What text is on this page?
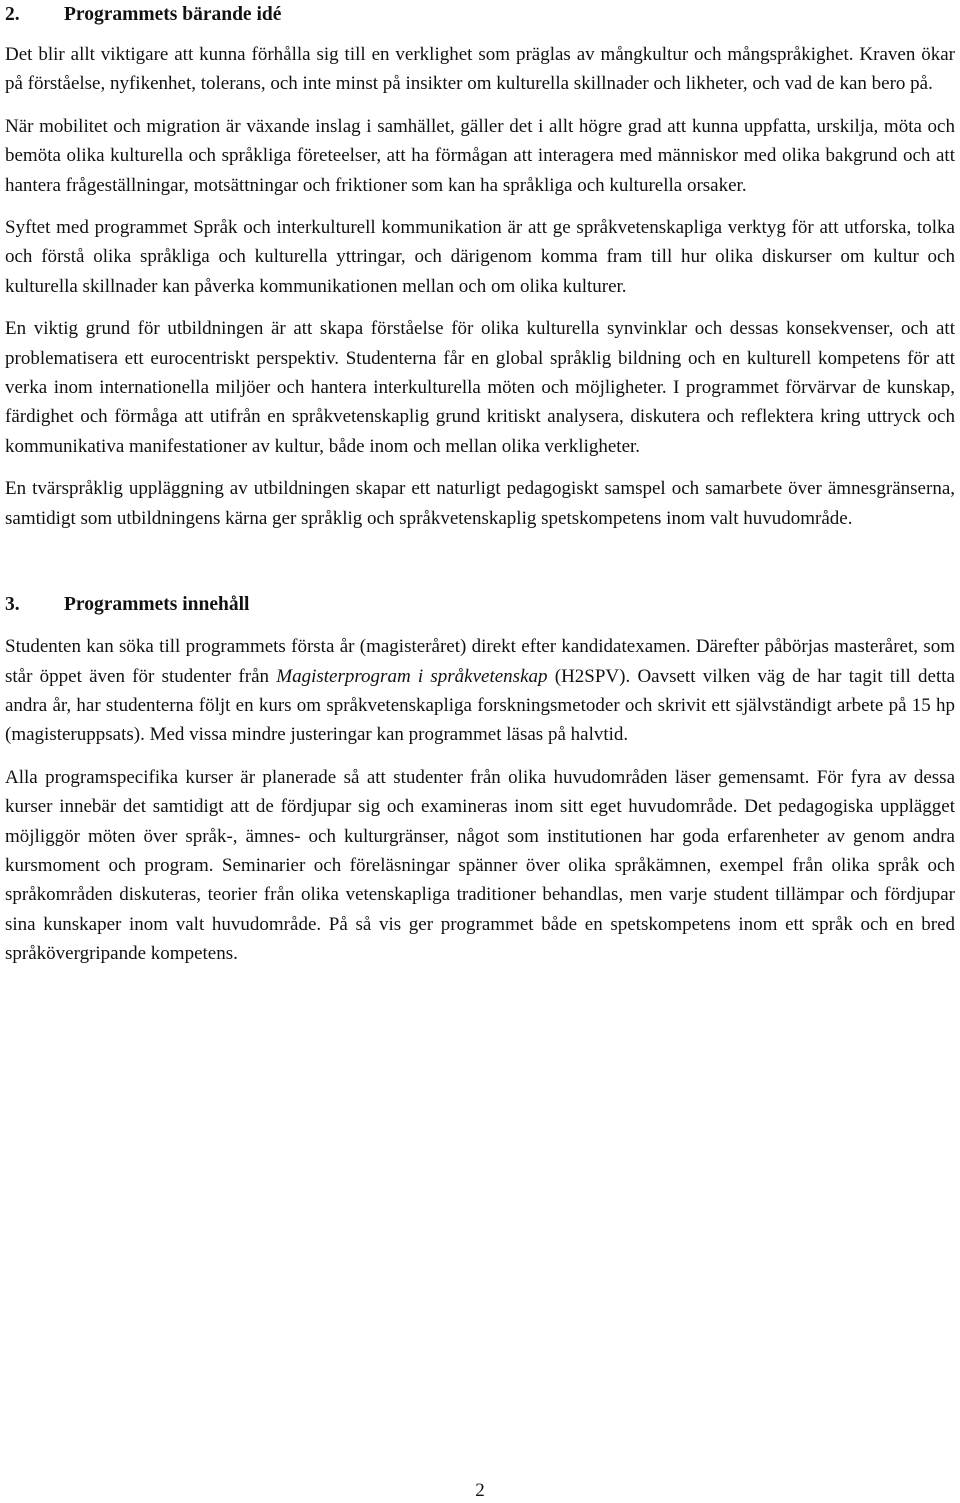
2.	Programmets bärande idé

Det blir allt viktigare att kunna förhålla sig till en verklighet som präglas av mångkultur och mångspråkighet. Kraven ökar på förståelse, nyfikenhet, tolerans, och inte minst på insikter om kulturella skillnader och likheter, och vad de kan bero på.

När mobilitet och migration är växande inslag i samhället, gäller det i allt högre grad att kunna uppfatta, urskilja, möta och bemöta olika kulturella och språkliga företeelser, att ha förmågan att interagera med människor med olika bakgrund och att hantera frågeställningar, motsättningar och friktioner som kan ha språkliga och kulturella orsaker.

Syftet med programmet Språk och interkulturell kommunikation är att ge språkvetenskapliga verktyg för att utforska, tolka och förstå olika språkliga och kulturella yttringar, och därigenom komma fram till hur olika diskurser om kultur och kulturella skillnader kan påverka kommunikationen mellan och om olika kulturer.

En viktig grund för utbildningen är att skapa förståelse för olika kulturella synvinklar och dessas konsekvenser, och att problematisera ett eurocentriskt perspektiv. Studenterna får en global språklig bildning och en kulturell kompetens för att verka inom internationella miljöer och hantera interkulturella möten och möjligheter. I programmet förvärvar de kunskap, färdighet och förmåga att utifrån en språkvetenskaplig grund kritiskt analysera, diskutera och reflektera kring uttryck och kommunikativa manifestationer av kultur, både inom och mellan olika verkligheter.

En tvärspråklig uppläggning av utbildningen skapar ett naturligt pedagogiskt samspel och samarbete över ämnesgränserna, samtidigt som utbildningens kärna ger språklig och språkvetenskaplig spetskompetens inom valt huvudområde.

3.	Programmets innehåll

Studenten kan söka till programmets första år (magisteråret) direkt efter kandidatexamen. Därefter påbörjas masteråret, som står öppet även för studenter från Magisterprogram i språkvetenskap (H2SPV). Oavsett vilken väg de har tagit till detta andra år, har studenterna följt en kurs om språkvetenskapliga forskningsmetoder och skrivit ett självständigt arbete på 15 hp (magisteruppsats). Med vissa mindre justeringar kan programmet läsas på halvtid.

Alla programspecifika kurser är planerade så att studenter från olika huvudområden läser gemensamt. För fyra av dessa kurser innebär det samtidigt att de fördjupar sig och examineras inom sitt eget huvudområde. Det pedagogiska upplägget möjliggör möten över språk-, ämnes- och kulturgränser, något som institutionen har goda erfarenheter av genom andra kursmoment och program. Seminarier och föreläsningar spänner över olika språkämnen, exempel från olika språk och språkområden diskuteras, teorier från olika vetenskapliga traditioner behandlas, men varje student tillämpar och fördjupar sina kunskaper inom valt huvudområde. På så vis ger programmet både en spetskompetens inom ett språk och en bred språkövergripande kompetens.

2
